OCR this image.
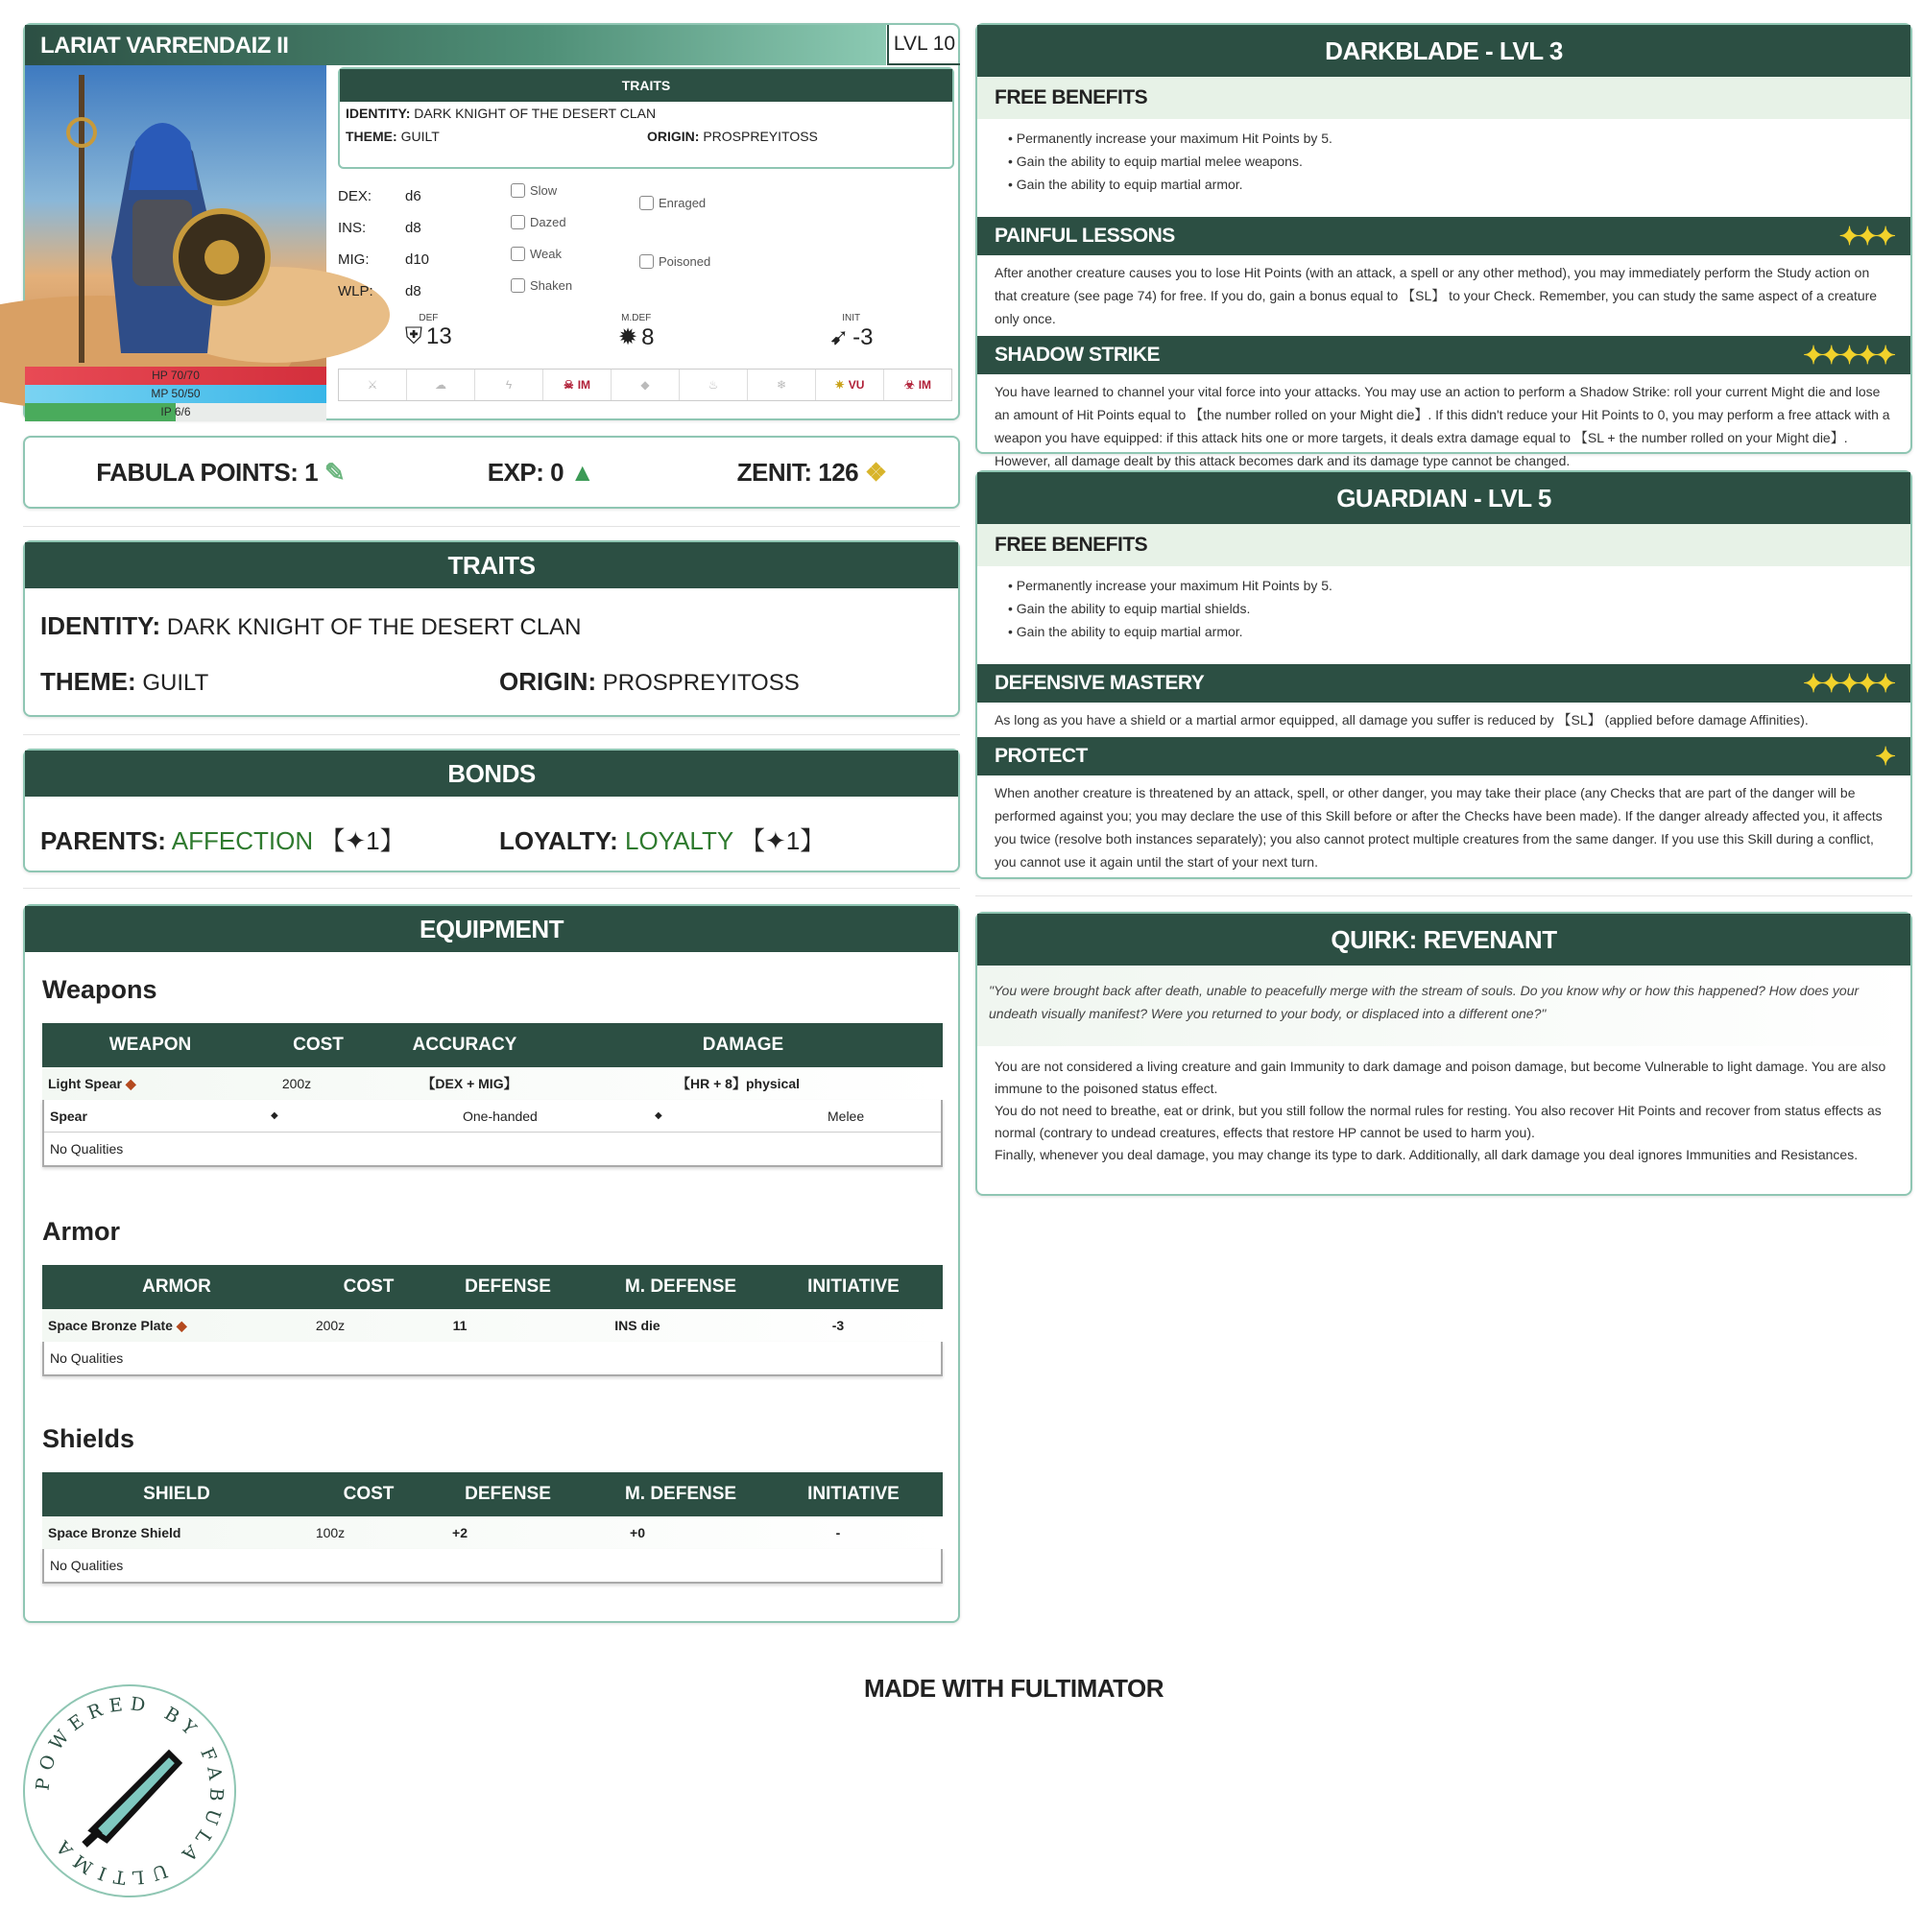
LARIAT VARRENDAIZ II	LVL 10
HP 70/70
MP 50/50
IP 6/6
TRAITS
IDENTITY: DARK KNIGHT OF THE DESERT CLAN
THEME: GUILT	ORIGIN: PROSPREYITOSS
DEX: d6
INS:	d8
MIG:	d10
WLP: d8
Slow
Dazed
Weak
Shaken
Enraged
Poisoned
DEF
⛨ 13
M.DEF
✹ 8
INIT
➹ -3
⚔	☁	ϟ	☠ IM	◆	♨	❄	✷ VU	☣ IM
FABULA POINTS: 1 ✎	EXP: 0 ▲	ZENIT: 126 ❖
TRAITS
IDENTITY: DARK KNIGHT OF THE DESERT CLAN
THEME: GUILT	ORIGIN: PROSPREYITOSS
BONDS
PARENTS: AFFECTION 【✦1】	LOYALTY: LOYALTY 【✦1】
EQUIPMENT
Weapons
WEAPON	COST	ACCURACY	DAMAGE
Light Spear ◆	200z	【DEX + MIG】	【HR + 8】physical
Spear	◆	One-handed	◆	Melee
No Qualities
Armor
ARMOR	COST	DEFENSE	M. DEFENSE	INITIATIVE
Space Bronze Plate ◆	200z	11	INS die	-3
No Qualities
Shields
SHIELD	COST	DEFENSE	M. DEFENSE	INITIATIVE
Space Bronze Shield	100z	+2	+0	-
No Qualities
DARKBLADE - LVL 3
FREE BENEFITS
• Permanently increase your maximum Hit Points by 5.
• Gain the ability to equip martial melee weapons.
• Gain the ability to equip martial armor.
PAINFUL LESSONS	✦✦✦
After another creature causes you to lose Hit Points (with an attack, a spell or any other method), you may immediately perform the Study action on that creature (see page 74) for free. If you do, gain a bonus equal to 【SL】 to your Check. Remember, you can study the same aspect of a creature only once.
SHADOW STRIKE	✦✦✦✦✦
You have learned to channel your vital force into your attacks. You may use an action to perform a Shadow Strike: roll your current Might die and lose an amount of Hit Points equal to 【the number rolled on your Might die】. If this didn't reduce your Hit Points to 0, you may perform a free attack with a weapon you have equipped: if this attack hits one or more targets, it deals extra damage equal to 【SL + the number rolled on your Might die】. However, all damage dealt by this attack becomes dark and its damage type cannot be changed.
GUARDIAN - LVL 5
FREE BENEFITS
• Permanently increase your maximum Hit Points by 5.
• Gain the ability to equip martial shields.
• Gain the ability to equip martial armor.
DEFENSIVE MASTERY	✦✦✦✦✦
As long as you have a shield or a martial armor equipped, all damage you suffer is reduced by 【SL】 (applied before damage Affinities).
PROTECT	✦
When another creature is threatened by an attack, spell, or other danger, you may take their place (any Checks that are part of the danger will be performed against you; you may declare the use of this Skill before or after the Checks have been made). If the danger already affected you, it affects you twice (resolve both instances separately); you also cannot protect multiple creatures from the same danger. If you use this Skill during a conflict, you cannot use it again until the start of your next turn.
QUIRK: REVENANT
"You were brought back after death, unable to peacefully merge with the stream of souls. Do you know why or how this happened? How does your undeath visually manifest? Were you returned to your body, or displaced into a different one?"
You are not considered a living creature and gain Immunity to dark damage and poison damage, but become Vulnerable to light damage. You are also immune to the poisoned status effect.
You do not need to breathe, eat or drink, but you still follow the normal rules for resting. You also recover Hit Points and recover from status effects as normal (contrary to undead creatures, effects that restore HP cannot be used to harm you).
Finally, whenever you deal damage, you may change its type to dark. Additionally, all dark damage you deal ignores Immunities and Resistances.
MADE WITH FULTIMATOR
POWERED BY FABULA ULTIMA
